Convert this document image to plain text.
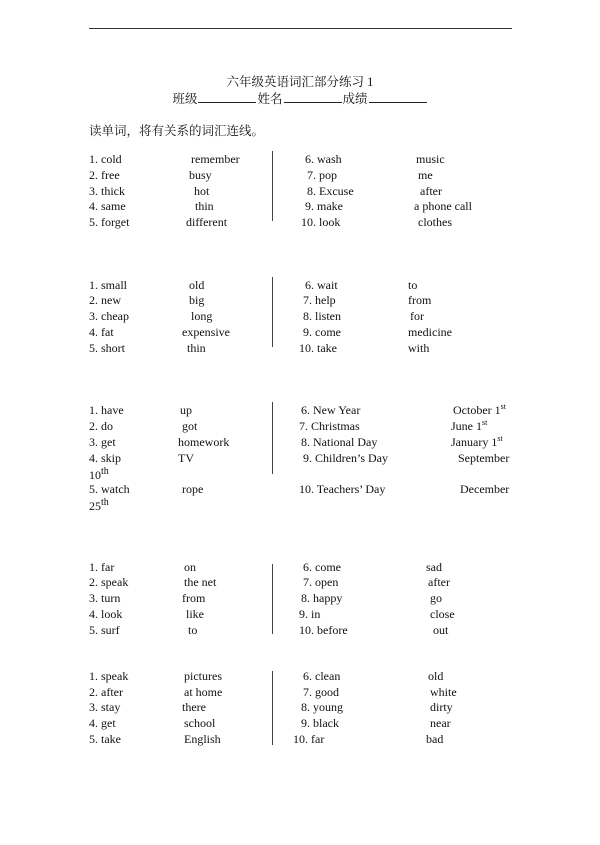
六年级英语词汇部分练习 1
班级	姓名	成绩
读单词，将有关系的词汇连线。
1. cold	remember	6. wash	music
2. free	busy	7. pop	me
3. thick	hot	8. Excuse	after
4. same	thin	9. make	a phone call
5. forget	different	10. look	clothes
1. small	old	6. wait	to
2. new	big	7. help	from
3. cheap	long	8. listen	for
4. fat	expensive	9. come	medicine
5. short	thin	10. take	with
1. have	up	6. New Year	October 1st
2. do	got	7. Christmas	June 1st
3. get	homework	8. National Day	January 1st
4. skip	TV	9. Children’s Day	September
10th
5. watch	rope	10. Teachers’ Day	December
25th
1. far	on	6. come	sad
2. speak	the net	7. open	after
3. turn	from	8. happy	go
4. look	like	9. in	close
5. surf	to	10. before	out
1. speak	pictures	6. clean	old
2. after	at home	7. good	white
3. stay	there	8. young	dirty
4. get	school	9. black	near
5. take	English	10. far	bad
